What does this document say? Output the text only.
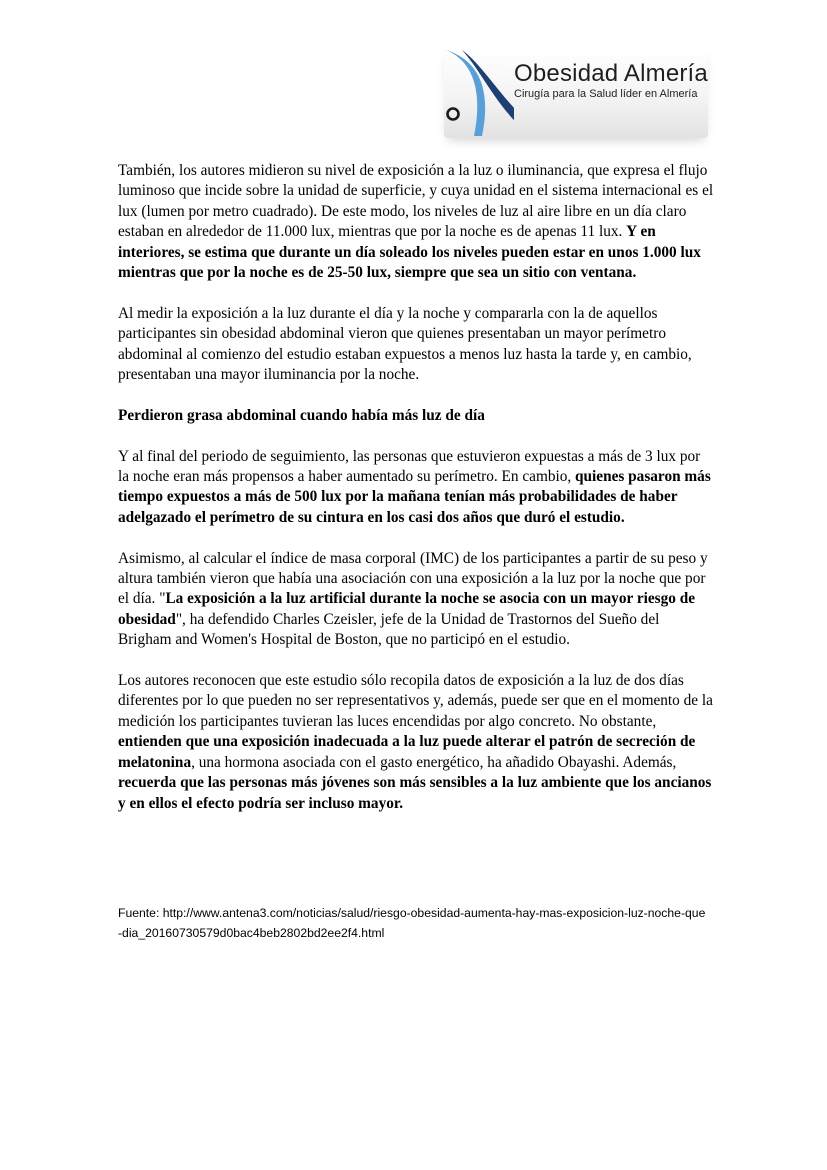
Obesidad Almería
Cirugía para la Salud líder en Almería

También, los autores midieron su nivel de exposición a la luz o iluminancia, que expresa el flujo luminoso que incide sobre la unidad de superficie, y cuya unidad en el sistema internacional es el lux (lumen por metro cuadrado). De este modo, los niveles de luz al aire libre en un día claro estaban en alrededor de 11.000 lux, mientras que por la noche es de apenas 11 lux. Y en interiores, se estima que durante un día soleado los niveles pueden estar en unos 1.000 lux mientras que por la noche es de 25-50 lux, siempre que sea un sitio con ventana.

Al medir la exposición a la luz durante el día y la noche y compararla con la de aquellos participantes sin obesidad abdominal vieron que quienes presentaban un mayor perímetro abdominal al comienzo del estudio estaban expuestos a menos luz hasta la tarde y, en cambio, presentaban una mayor iluminancia por la noche.

Perdieron grasa abdominal cuando había más luz de día

Y al final del periodo de seguimiento, las personas que estuvieron expuestas a más de 3 lux por la noche eran más propensos a haber aumentado su perímetro. En cambio, quienes pasaron más tiempo expuestos a más de 500 lux por la mañana tenían más probabilidades de haber adelgazado el perímetro de su cintura en los casi dos años que duró el estudio.

Asimismo, al calcular el índice de masa corporal (IMC) de los participantes a partir de su peso y altura también vieron que había una asociación con una exposición a la luz por la noche que por el día. "La exposición a la luz artificial durante la noche se asocia con un mayor riesgo de obesidad", ha defendido Charles Czeisler, jefe de la Unidad de Trastornos del Sueño del Brigham and Women's Hospital de Boston, que no participó en el estudio.

Los autores reconocen que este estudio sólo recopila datos de exposición a la luz de dos días diferentes por lo que pueden no ser representativos y, además, puede ser que en el momento de la medición los participantes tuvieran las luces encendidas por algo concreto. No obstante, entienden que una exposición inadecuada a la luz puede alterar el patrón de secreción de melatonina, una hormona asociada con el gasto energético, ha añadido Obayashi. Además, recuerda que las personas más jóvenes son más sensibles a la luz ambiente que los ancianos y en ellos el efecto podría ser incluso mayor.

Fuente: http://www.antena3.com/noticias/salud/riesgo-obesidad-aumenta-hay-mas-exposicion-luz-noche-que-dia_20160730579d0bac4beb2802bd2ee2f4.html
